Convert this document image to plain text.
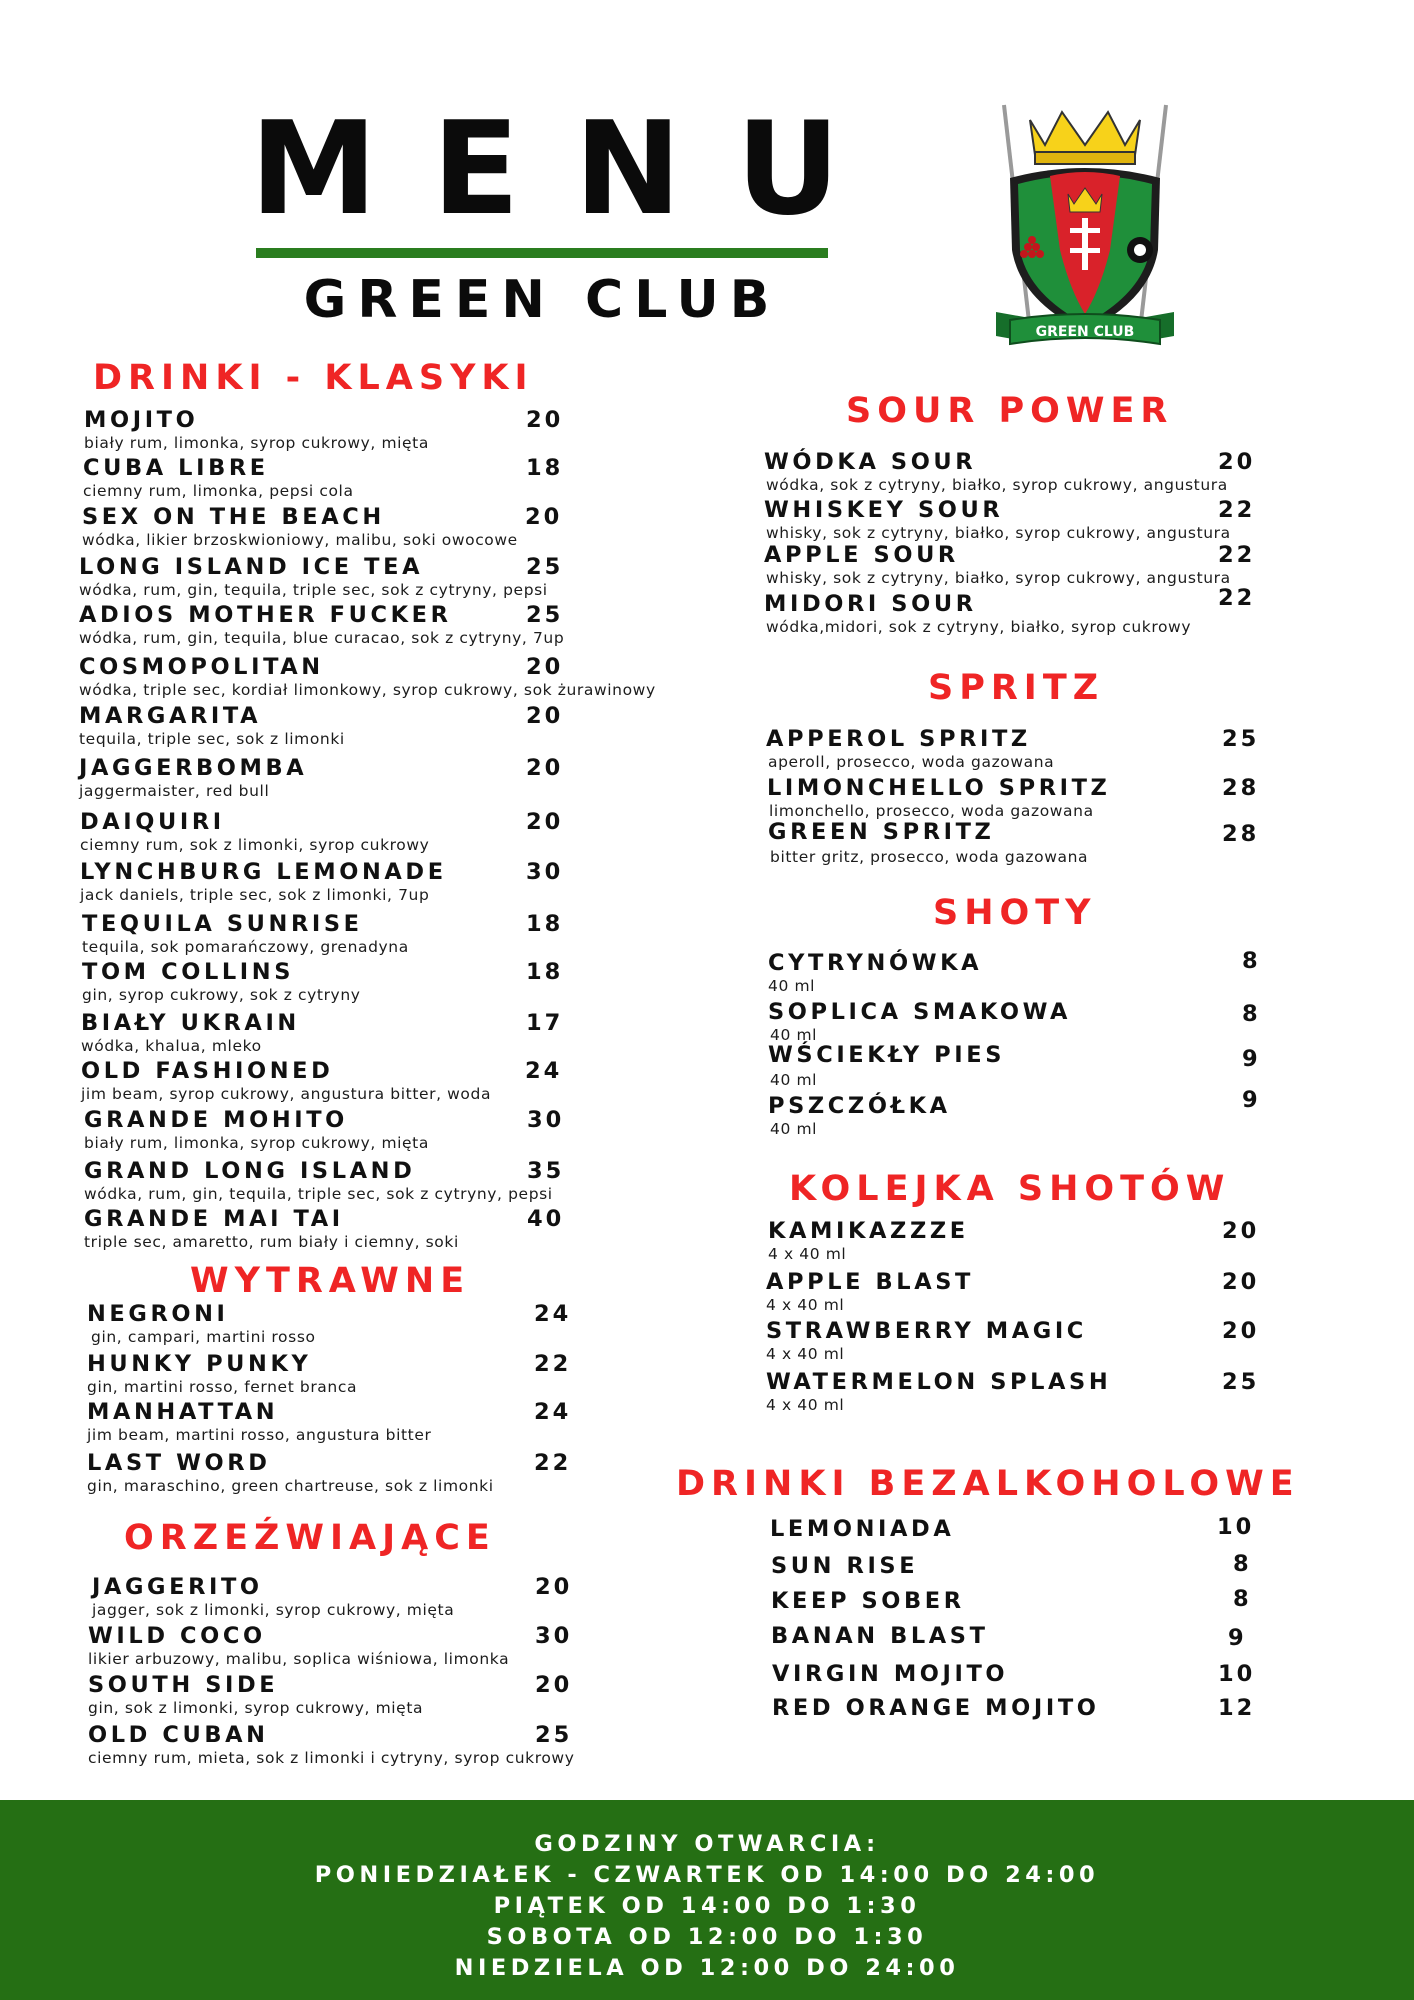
M E N U
GREEN CLUB
GREEN CLUB
DRINKI - KLASYKI
MOJITO	20
biały rum, limonka, syrop cukrowy, mięta
CUBA LIBRE	18
ciemny rum, limonka, pepsi cola
SEX ON THE BEACH	20
wódka, likier brzoskwioniowy, malibu, soki owocowe
LONG ISLAND ICE TEA	25
wódka, rum, gin, tequila, triple sec, sok z cytryny, pepsi
ADIOS MOTHER FUCKER	25
wódka, rum, gin, tequila, blue curacao, sok z cytryny, 7up
COSMOPOLITAN	20
wódka, triple sec, kordiał limonkowy, syrop cukrowy, sok żurawinowy
MARGARITA	20
tequila, triple sec, sok z limonki
JAGGERBOMBA	20
jaggermaister, red bull
DAIQUIRI	20
ciemny rum, sok z limonki, syrop cukrowy
LYNCHBURG LEMONADE	30
jack daniels, triple sec, sok z limonki, 7up
TEQUILA SUNRISE	18
tequila, sok pomarańczowy, grenadyna
TOM COLLINS	18
gin, syrop cukrowy, sok z cytryny
BIAŁY UKRAIN	17
wódka, khalua, mleko
OLD FASHIONED	24
jim beam, syrop cukrowy, angustura bitter, woda
GRANDE MOHITO	30
biały rum, limonka, syrop cukrowy, mięta
GRAND LONG ISLAND	35
wódka, rum, gin, tequila, triple sec, sok z cytryny, pepsi
GRANDE MAI TAI	40
triple sec, amaretto, rum biały i ciemny, soki
WYTRAWNE
NEGRONI	24
gin, campari, martini rosso
HUNKY PUNKY	22
gin, martini rosso, fernet branca
MANHATTAN	24
jim beam, martini rosso, angustura bitter
LAST WORD	22
gin, maraschino, green chartreuse, sok z limonki
ORZEŹWIAJĄCE
JAGGERITO	20
jagger, sok z limonki, syrop cukrowy, mięta
WILD COCO	30
likier arbuzowy, malibu, soplica wiśniowa, limonka
SOUTH SIDE	20
gin, sok z limonki, syrop cukrowy, mięta
OLD CUBAN	25
ciemny rum, mieta, sok z limonki i cytryny, syrop cukrowy
SOUR POWER
WÓDKA SOUR	20
wódka, sok z cytryny, białko, syrop cukrowy, angustura
WHISKEY SOUR	22
whisky, sok z cytryny, białko, syrop cukrowy, angustura
APPLE SOUR	22
whisky, sok z cytryny, białko, syrop cukrowy, angustura
MIDORI SOUR	22
wódka,midori, sok z cytryny, białko, syrop cukrowy
SPRITZ
APPEROL SPRITZ	25
aperoll, prosecco, woda gazowana
LIMONCHELLO SPRITZ	28
limonchello, prosecco, woda gazowana
GREEN SPRITZ	28
bitter gritz, prosecco, woda gazowana
SHOTY
CYTRYNÓWKA	8
40 ml
SOPLICA SMAKOWA	8
40 ml
WŚCIEKŁY PIES	9
40 ml
PSZCZÓŁKA	9
40 ml
KOLEJKA SHOTÓW
KAMIKAZZZE	20
4 x 40 ml
APPLE BLAST	20
4 x 40 ml
STRAWBERRY MAGIC	20
4 x 40 ml
WATERMELON SPLASH	25
4 x 40 ml
DRINKI BEZALKOHOLOWE
LEMONIADA	10
SUN RISE	8
KEEP SOBER	8
BANAN BLAST	9
VIRGIN MOJITO	10
RED ORANGE MOJITO	12
GODZINY OTWARCIA:
PONIEDZIAŁEK - CZWARTEK OD 14:00 DO 24:00
PIĄTEK OD 14:00 DO 1:30
SOBOTA OD 12:00 DO 1:30
NIEDZIELA OD 12:00 DO 24:00
